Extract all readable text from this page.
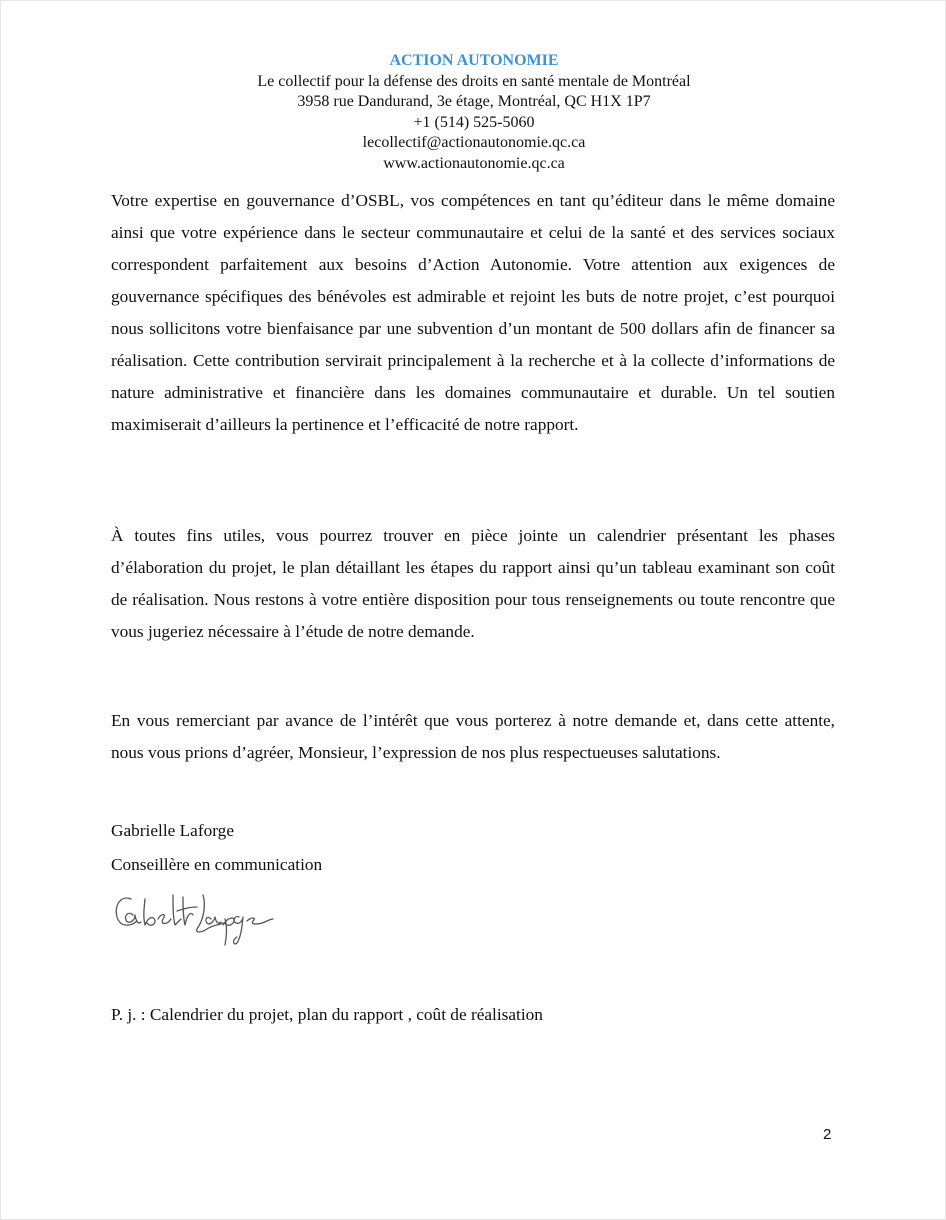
ACTION AUTONOMIE
Le collectif pour la défense des droits en santé mentale de Montréal
3958 rue Dandurand, 3e étage, Montréal, QC H1X 1P7
+1 (514) 525-5060
lecollectif@actionautonomie.qc.ca
www.actionautonomie.qc.ca

Votre expertise en gouvernance d’OSBL, vos compétences en tant qu’éditeur dans le même domaine ainsi que votre expérience dans le secteur communautaire et celui de la santé et des services sociaux correspondent parfaitement aux besoins d’Action Autonomie. Votre attention aux exigences de gouvernance spécifiques des bénévoles est admirable et rejoint les buts de notre projet, c’est pourquoi nous sollicitons votre bienfaisance par une subvention d’un montant de 500 dollars afin de financer sa réalisation. Cette contribution servirait principalement à la recherche et à la collecte d’informations de nature administrative et financière dans les domaines communautaire et durable. Un tel soutien maximiserait d’ailleurs la pertinence et l’efficacité de notre rapport.

À toutes fins utiles, vous pourrez trouver en pièce jointe un calendrier présentant les phases d’élaboration du projet, le plan détaillant les étapes du rapport ainsi qu’un tableau examinant son coût de réalisation. Nous restons à votre entière disposition pour tous renseignements ou toute rencontre que vous jugeriez nécessaire à l’étude de notre demande.

En vous remerciant par avance de l’intérêt que vous porterez à notre demande et, dans cette attente, nous vous prions d’agréer, Monsieur, l’expression de nos plus respectueuses salutations.

Gabrielle Laforge
Conseillère en communication
P. j. : Calendrier du projet, plan du rapport , coût de réalisation
2
